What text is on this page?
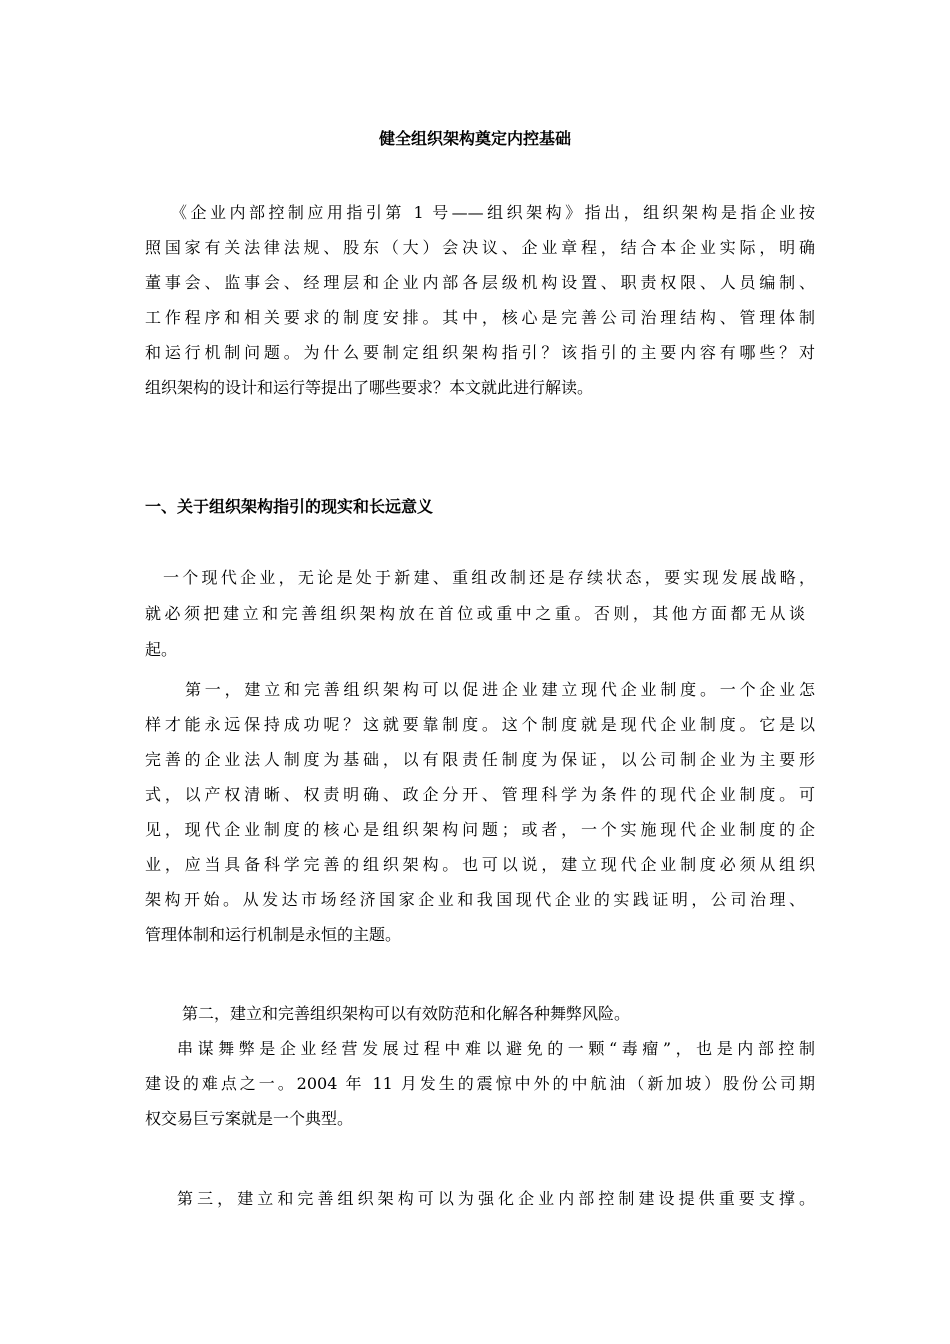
健全组织架构奠定内控基础

《企业内部控制应用指引第 1 号——组织架构》指出，组织架构是指企业按

照国家有关法律法规、股东（大）会决议、企业章程，结合本企业实际，明确

董事会、监事会、经理层和企业内部各层级机构设置、职责权限、人员编制、

工作程序和相关要求的制度安排。其中，核心是完善公司治理结构、管理体制

和运行机制问题。为什么要制定组织架构指引？该指引的主要内容有哪些？对

组织架构的设计和运行等提出了哪些要求？本文就此进行解读。

一、关于组织架构指引的现实和长远意义

一个现代企业，无论是处于新建、重组改制还是存续状态，要实现发展战略，

就必须把建立和完善组织架构放在首位或重中之重。否则，其他方面都无从谈

起。

第一，建立和完善组织架构可以促进企业建立现代企业制度。一个企业怎

样才能永远保持成功呢？这就要靠制度。这个制度就是现代企业制度。它是以

完善的企业法人制度为基础，以有限责任制度为保证，以公司制企业为主要形

式，以产权清晰、权责明确、政企分开、管理科学为条件的现代企业制度。可

见，现代企业制度的核心是组织架构问题；或者，一个实施现代企业制度的企

业，应当具备科学完善的组织架构。也可以说，建立现代企业制度必须从组织

架构开始。从发达市场经济国家企业和我国现代企业的实践证明，公司治理、

管理体制和运行机制是永恒的主题。

第二，建立和完善组织架构可以有效防范和化解各种舞弊风险。

串谋舞弊是企业经营发展过程中难以避免的一颗“毒瘤”，也是内部控制

建设的难点之一。2004 年 11 月发生的震惊中外的中航油（新加坡）股份公司期

权交易巨亏案就是一个典型。

第三，建立和完善组织架构可以为强化企业内部控制建设提供重要支撑。
